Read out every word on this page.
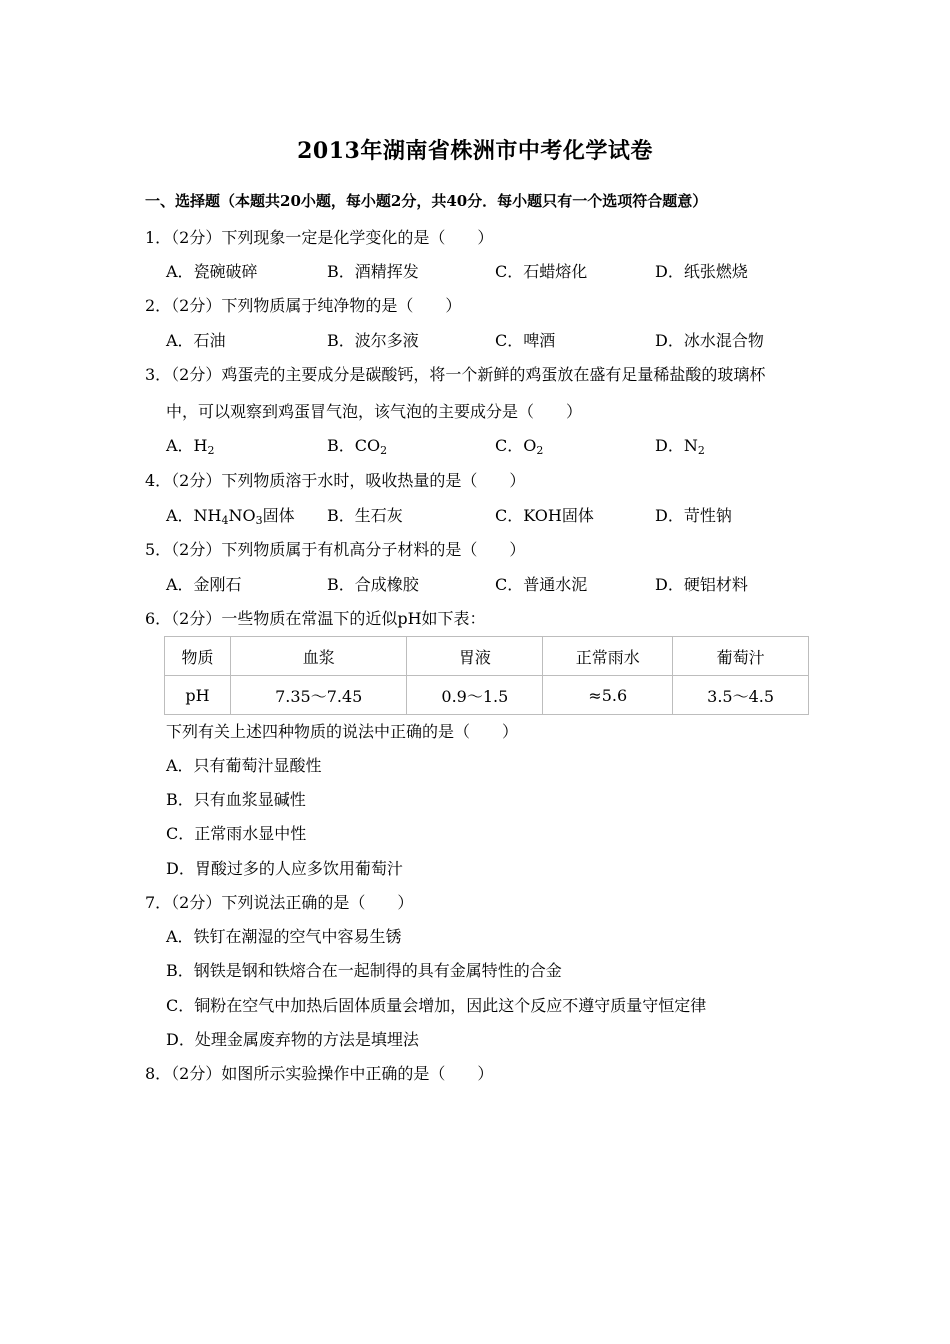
2013年湖南省株洲市中考化学试卷
一、选择题（本题共20小题，每小题2分，共40分．每小题只有一个选项符合题意）
1．（2分）下列现象一定是化学变化的是（　　）
A．瓷碗破碎	B．酒精挥发	C．石蜡熔化	D．纸张燃烧
2．（2分）下列物质属于纯净物的是（　　）
A．石油	B．波尔多液	C．啤酒	D．冰水混合物
3．（2分）鸡蛋壳的主要成分是碳酸钙，将一个新鲜的鸡蛋放在盛有足量稀盐酸的玻璃杯
中，可以观察到鸡蛋冒气泡，该气泡的主要成分是（　　）
A．$H_2$	B．$CO_2$	C．$O_2$	D．$N_2$
4．（2分）下列物质溶于水时，吸收热量的是（　　）
A．$NH_4NO_3$固体 B．生石灰	C．KOH固体	D．苛性钠
5．（2分）下列物质属于有机高分子材料的是（　　）
A．金刚石	B．合成橡胶	C．普通水泥	D．硬铝材料
6．（2分）一些物质在常温下的近似pH如下表：
物质	血浆	胃液	正常雨水	葡萄汁
pH	7.35～7.45	0.9～1.5	≈5.6	3.5～4.5
下列有关上述四种物质的说法中正确的是（　　）
A．只有葡萄汁显酸性
B．只有血浆显碱性
C．正常雨水显中性
D．胃酸过多的人应多饮用葡萄汁
7．（2分）下列说法正确的是（　　）
A．铁钉在潮湿的空气中容易生锈
B．钢铁是钢和铁熔合在一起制得的具有金属特性的合金
C．铜粉在空气中加热后固体质量会增加，因此这个反应不遵守质量守恒定律
D．处理金属废弃物的方法是填埋法
8．（2分）如图所示实验操作中正确的是（　　）
